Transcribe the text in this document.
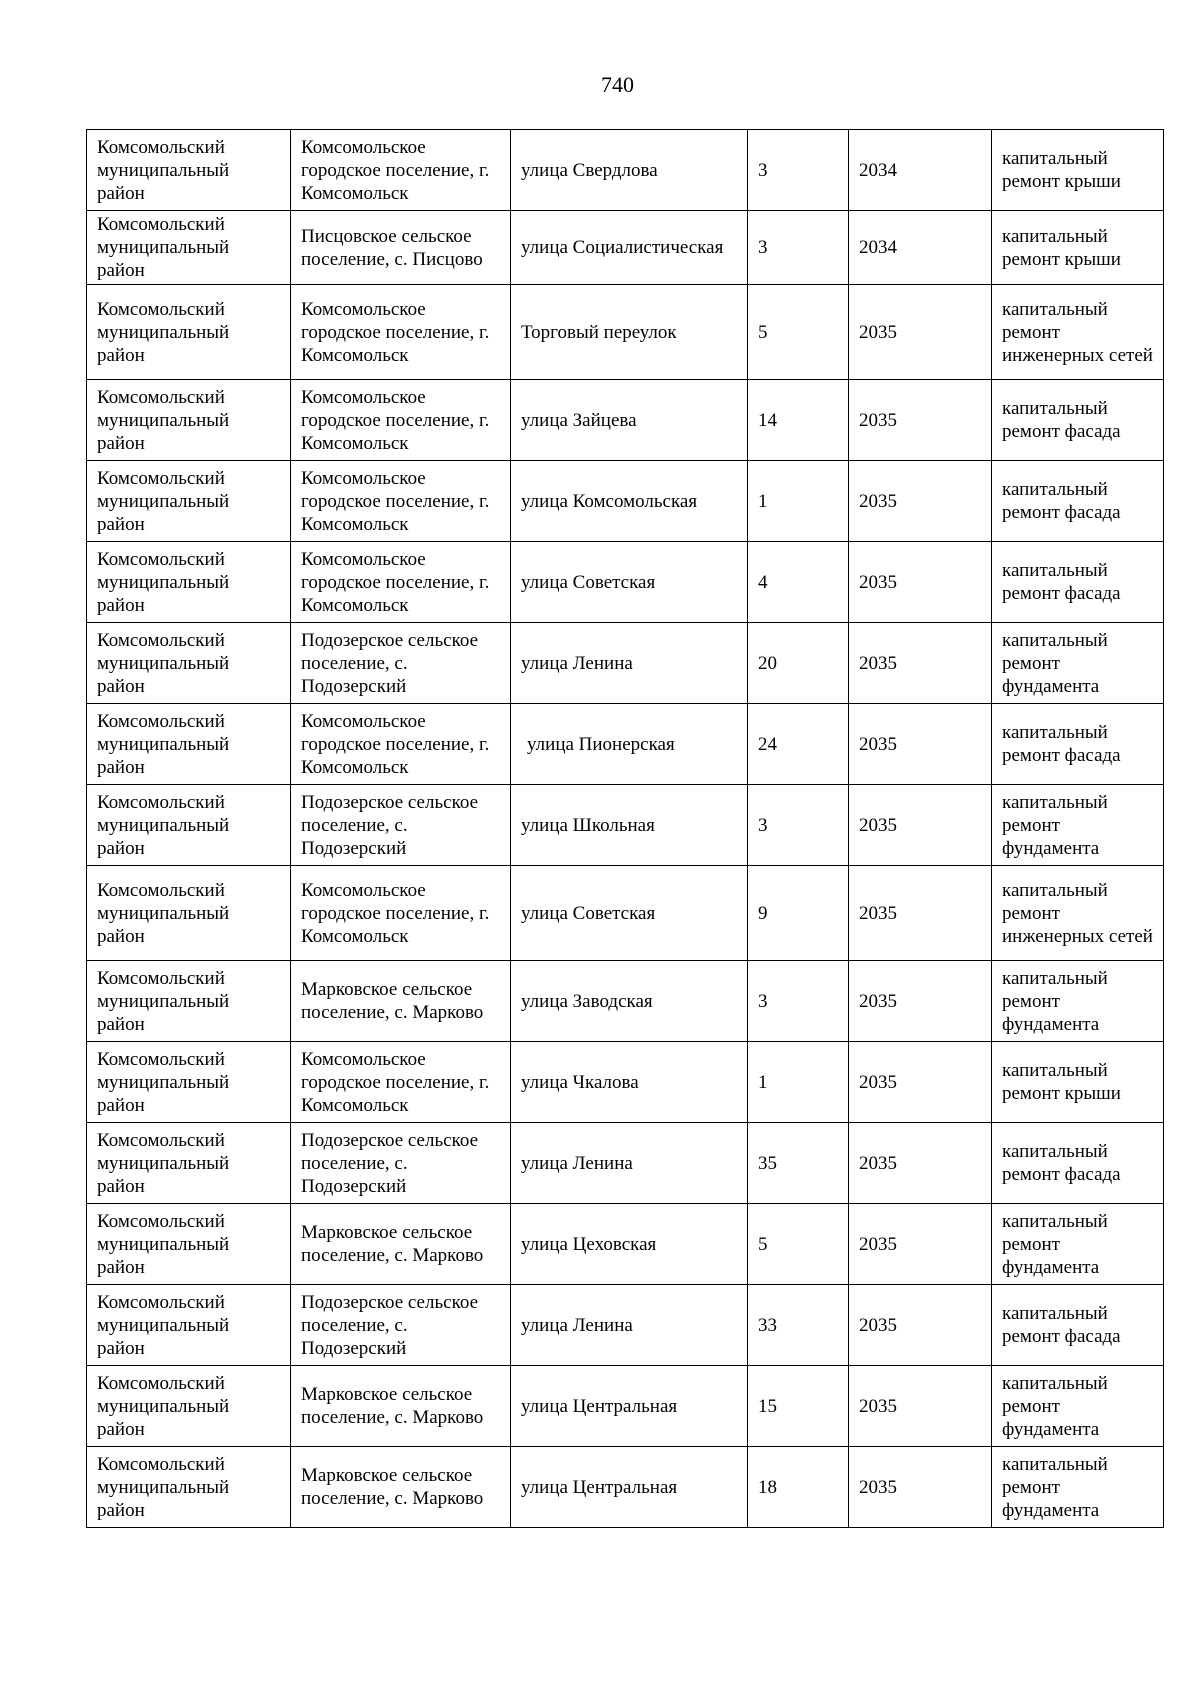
740
Комсомольский муниципальный район	Комсомольское городское поселение, г. Комсомольск	улица Свердлова	3	2034	капитальный ремонт крыши
Комсомольский муниципальный район	Писцовское сельское поселение, с. Писцово	улица Социалистическая	3	2034	капитальный ремонт крыши
Комсомольский муниципальный район	Комсомольское городское поселение, г. Комсомольск	Торговый переулок	5	2035	капитальный ремонт инженерных сетей
Комсомольский муниципальный район	Комсомольское городское поселение, г. Комсомольск	улица Зайцева	14	2035	капитальный ремонт фасада
Комсомольский муниципальный район	Комсомольское городское поселение, г. Комсомольск	улица Комсомольская	1	2035	капитальный ремонт фасада
Комсомольский муниципальный район	Комсомольское городское поселение, г. Комсомольск	улица Советская	4	2035	капитальный ремонт фасада
Комсомольский муниципальный район	Подозерское сельское поселение, с. Подозерский	улица Ленина	20	2035	капитальный ремонт фундамента
Комсомольский муниципальный район	Комсомольское городское поселение, г. Комсомольск	улица Пионерская	24	2035	капитальный ремонт фасада
Комсомольский муниципальный район	Подозерское сельское поселение, с. Подозерский	улица Школьная	3	2035	капитальный ремонт фундамента
Комсомольский муниципальный район	Комсомольское городское поселение, г. Комсомольск	улица Советская	9	2035	капитальный ремонт инженерных сетей
Комсомольский муниципальный район	Марковское сельское поселение, с. Марково	улица Заводская	3	2035	капитальный ремонт фундамента
Комсомольский муниципальный район	Комсомольское городское поселение, г. Комсомольск	улица Чкалова	1	2035	капитальный ремонт крыши
Комсомольский муниципальный район	Подозерское сельское поселение, с. Подозерский	улица Ленина	35	2035	капитальный ремонт фасада
Комсомольский муниципальный район	Марковское сельское поселение, с. Марково	улица Цеховская	5	2035	капитальный ремонт фундамента
Комсомольский муниципальный район	Подозерское сельское поселение, с. Подозерский	улица Ленина	33	2035	капитальный ремонт фасада
Комсомольский муниципальный район	Марковское сельское поселение, с. Марково	улица Центральная	15	2035	капитальный ремонт фундамента
Комсомольский муниципальный район	Марковское сельское поселение, с. Марково	улица Центральная	18	2035	капитальный ремонт фундамента
